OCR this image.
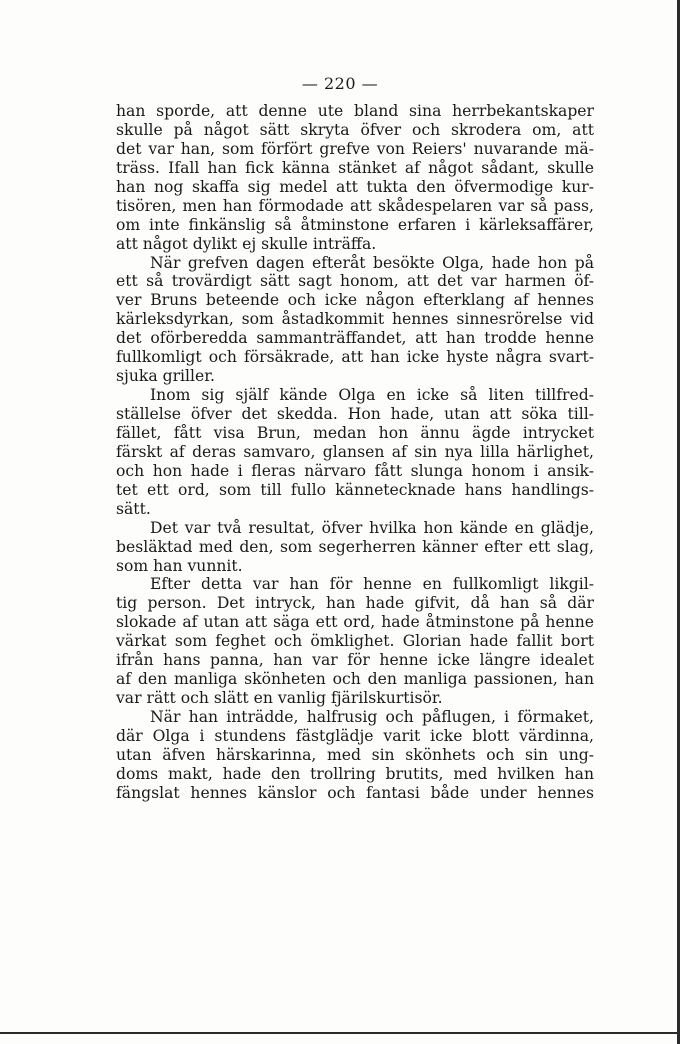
— 220 —
han sporde, att denne ute bland sina herrbekantskaper
skulle på något sätt skryta öfver och skrodera om, att
det var han, som förfört grefve von Reiers' nuvarande mä-
träss. Ifall han fick känna stänket af något sådant, skulle
han nog skaffa sig medel att tukta den öfvermodige kur-
tisören, men han förmodade att skådespelaren var så pass,
om inte finkänslig så åtminstone erfaren i kärleksaffärer,
att något dylikt ej skulle inträffa.
När grefven dagen efteråt besökte Olga, hade hon på
ett så trovärdigt sätt sagt honom, att det var harmen öf-
ver Bruns beteende och icke någon efterklang af hennes
kärleksdyrkan, som åstadkommit hennes sinnesrörelse vid
det oförberedda sammanträffandet, att han trodde henne
fullkomligt och försäkrade, att han icke hyste några svart-
sjuka griller.
Inom sig själf kände Olga en icke så liten tillfred-
ställelse öfver det skedda. Hon hade, utan att söka till-
fället, fått visa Brun, medan hon ännu ägde intrycket
färskt af deras samvaro, glansen af sin nya lilla härlighet,
och hon hade i fleras närvaro fått slunga honom i ansik-
tet ett ord, som till fullo kännetecknade hans handlings-
sätt.
Det var två resultat, öfver hvilka hon kände en glädje,
besläktad med den, som segerherren känner efter ett slag,
som han vunnit.
Efter detta var han för henne en fullkomligt likgil-
tig person. Det intryck, han hade gifvit, då han så där
slokade af utan att säga ett ord, hade åtminstone på henne
värkat som feghet och ömklighet. Glorian hade fallit bort
ifrån hans panna, han var för henne icke längre idealet
af den manliga skönheten och den manliga passionen, han
var rätt och slätt en vanlig fjärilskurtisör.
När han inträdde, halfrusig och påflugen, i förmaket,
där Olga i stundens fästglädje varit icke blott värdinna,
utan äfven härskarinna, med sin skönhets och sin ung-
doms makt, hade den trollring brutits, med hvilken han
fängslat hennes känslor och fantasi både under hennes
